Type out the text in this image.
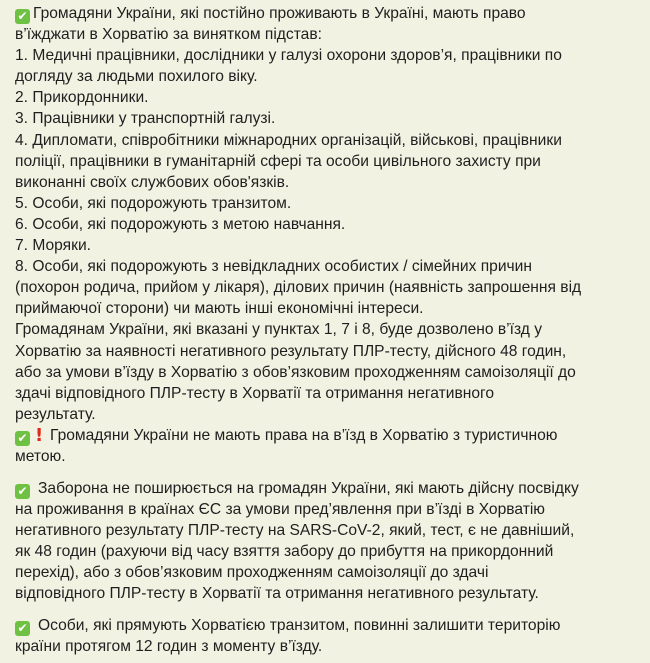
✔ Громадяни України, які постійно проживають в Україні, мають право
в’їжджати в Хорватію за винятком підстав:
1. Медичні працівники, дослідники у галузі охорони здоров’я, працівники по
догляду за людьми похилого віку.
2. Прикордонники.
3. Працівники у транспортній галузі.
4. Дипломати, співробітники міжнародних організацій, військові, працівники
поліції, працівники в гуманітарній сфері та особи цивільного захисту при
виконанні своїх службових обов'язків.
5. Особи, які подорожують транзитом.
6. Особи, які подорожують з метою навчання.
7. Моряки.
8. Особи, які подорожують з невідкладних особистих / сімейних причин
(похорон родича, прийом у лікаря), ділових причин (наявність запрошення від
приймаючої сторони) чи мають інші економічні інтереси.
Громадянам України, які вказані у пунктах 1, 7 і 8, буде дозволено в’їзд у
Хорватію за наявності негативного результату ПЛР-тесту, дійсного 48 годин,
або за умови в’їзду в Хорватію з обов’язковим проходженням самоізоляції до
здачі відповідного ПЛР-тесту в Хорватії та отримання негативного
результату.
✔ ! Громадяни України не мають права на в’їзд в Хорватію з туристичною
метою.
✔ Заборона не поширюється на громадян України, які мають дійсну посвідку
на проживання в країнах ЄС за умови пред’явлення при в’їзді в Хорватію
негативного результату ПЛР-тесту на SARS-CoV-2, який, тест, є не давніший,
як 48 годин (рахуючи від часу взяття забору до прибуття на прикордонний
перехід), або з обов’язковим проходженням самоізоляції до здачі
відповідного ПЛР-тесту в Хорватії та отримання негативного результату.
✔ Особи, які прямують Хорватією транзитом, повинні залишити територію
країни протягом 12 годин з моменту в’їзду.
